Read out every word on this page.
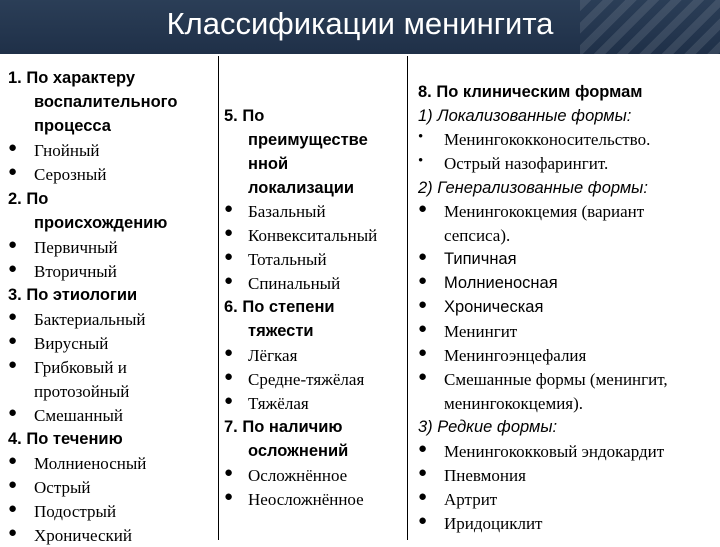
Классификации менингита
1. По характеру
воспалительного
процесса
● Гнойный
● Серозный
2. По
происхождению
● Первичный
● Вторичный
3. По этиологии
● Бактериальный
● Вирусный
● Грибковый и
протозойный
● Смешанный
4. По течению
● Молниеносный
● Острый
● Подострый
● Хронический
5. По
преимуществе
нной
локализации
● Базальный
● Конвекситальный
● Тотальный
● Спинальный
6. По степени
тяжести
● Лёгкая
● Средне-тяжёлая
● Тяжёлая
7. По наличию
осложнений
● Осложнённое
● Неосложнённое
8. По клиническим формам
1) Локализованные формы:
• Менингококконосительство.
• Острый назофарингит.
2) Генерализованные формы:
● Менингококцемия (вариант
сепсиса).
● Типичная
● Молниеносная
● Хроническая
● Менингит
● Менингоэнцефалия
● Смешанные формы (менингит,
менингококцемия).
3) Редкие формы:
● Менингококковый эндокардит
● Пневмония
● Артрит
● Иридоциклит
